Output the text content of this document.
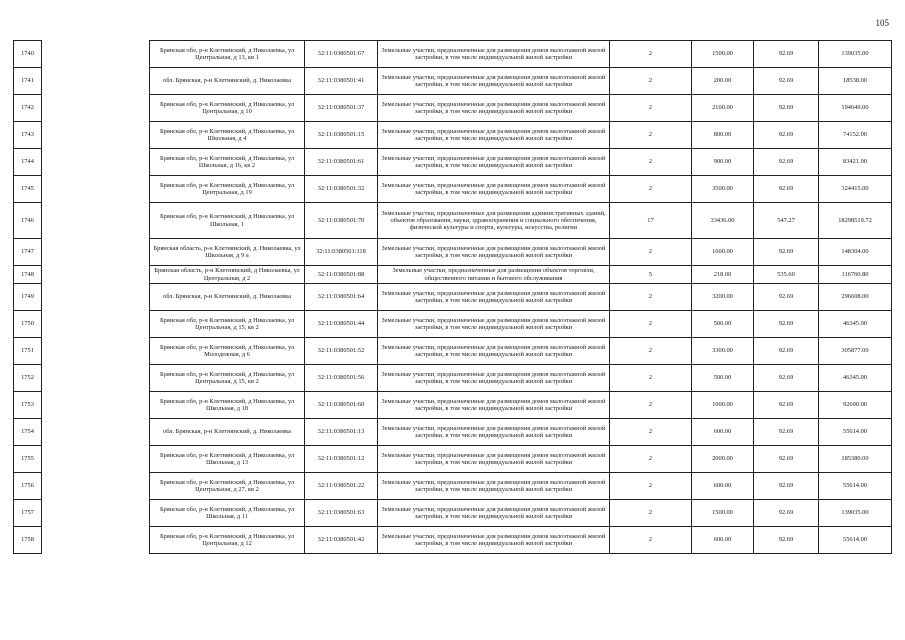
105
1740		Брянская обл, р-н Клетнянский, д Николаевка, ул Центральная, д 13, кв 1	32:11:0380501:67	Земельные участки, предназначенные для размещения домов малоэтажной жилой застройки, в том числе индивидуальной жилой застройки	2	1500.00	92.69	139035.00
1741		обл. Брянская, р-н Клетнянский, д. Николаевка	32:11:0380501:41	Земельные участки, предназначенные для размещения домов малоэтажной жилой застройки, в том числе индивидуальной жилой застройки	2	200.00	92.69	18538.00
1742		Брянская обл, р-н Клетнянский, д Николаевка, ул Центральная, д 10	32:11:0380501:37	Земельные участки, предназначенные для размещения домов малоэтажной жилой застройки, в том числе индивидуальной жилой застройки	2	2100.00	92.69	194649.00
1743		Брянская обл, р-н Клетнянский, д Николаевка, ул Школьная, д 4	32:11:0380501:15	Земельные участки, предназначенные для размещения домов малоэтажной жилой застройки, в том числе индивидуальной жилой застройки	2	800.00	92.69	74152.00
1744		Брянская обл, р-н Клетнянский, д Николаевка, ул Школьная, д 16, кв 2	32:11:0380501:61	Земельные участки, предназначенные для размещения домов малоэтажной жилой застройки, в том числе индивидуальной жилой застройки	2	900.00	92.69	83421.00
1745		Брянская обл, р-н Клетнянский, д Николаевка, ул Центральная, д 19	32:11:0380501:32	Земельные участки, предназначенные для размещения домов малоэтажной жилой застройки, в том числе индивидуальной жилой застройки	2	3500.00	92.69	324415.00
1746		Брянская обл, р-н Клетнянский, д Николаевка, ул Школьная, 1	32:11:0380501:70	Земельные участки, предназначенные для размещения административных зданий, объектов образования, науки, здравоохранения и социального обеспечения, физической культуры и спорта, культуры, искусства, религии	17	33436.00	547.27	18298519.72
1747		Брянская область, р-н Клетнянский, д. Николаевка, ул Школьная, д 9 а	32:11:0380501:118	Земельные участки, предназначенные для размещения домов малоэтажной жилой застройки, в том числе индивидуальной жилой застройки	2	1600.00	92.69	148304.00
1748		Брянская область, р-н Клетнянский, д Николаевка, ул Центральная, д 2	32:11:0380501:88	Земельные участки, предназначенные для размещения объектов торговли, общественного питания и бытового обслуживания	5	218.00	535.60	116760.80
1749		обл. Брянская, р-н Клетнянский, д. Николаевка	32:11:0380501:64	Земельные участки, предназначенные для размещения домов малоэтажной жилой застройки, в том числе индивидуальной жилой застройки	2	3200.00	92.69	296608.00
1750		Брянская обл, р-н Клетнянский, д Николаевка, ул Центральная, д 15, кв 2	32:11:0380501:44	Земельные участки, предназначенные для размещения домов малоэтажной жилой застройки, в том числе индивидуальной жилой застройки	2	500.00	92.69	46345.00
1751		Брянская обл, р-н Клетнянский, д Николаевка, ул Молодежная, д 6	32:11:0380501:52	Земельные участки, предназначенные для размещения домов малоэтажной жилой застройки, в том числе индивидуальной жилой застройки	2	3300.00	92.69	305877.00
1752		Брянская обл, р-н Клетнянский, д Николаевка, ул Центральная, д 15, кв 2	32:11:0380501:56	Земельные участки, предназначенные для размещения домов малоэтажной жилой застройки, в том числе индивидуальной жилой застройки	2	500.00	92.69	46345.00
1753		Брянская обл, р-н Клетнянский, д Николаевка, ул Школьная, д 18	32:11:0380501:60	Земельные участки, предназначенные для размещения домов малоэтажной жилой застройки, в том числе индивидуальной жилой застройки	2	1000.00	92.69	92690.00
1754		обл. Брянская, р-н Клетнянский, д. Николаевка	32:11:0380501:13	Земельные участки, предназначенные для размещения домов малоэтажной жилой застройки, в том числе индивидуальной жилой застройки	2	600.00	92.69	55614.00
1755		Брянская обл, р-н Клетнянский, д Николаевка, ул Школьная, д 13	32:11:0380501:12	Земельные участки, предназначенные для размещения домов малоэтажной жилой застройки, в том числе индивидуальной жилой застройки	2	2000.00	92.69	185380.00
1756		Брянская обл, р-н Клетнянский, д Николаевка, ул Центральная, д 27, кв 2	32:11:0380501:22	Земельные участки, предназначенные для размещения домов малоэтажной жилой застройки, в том числе индивидуальной жилой застройки	2	600.00	92.69	55614.00
1757		Брянская обл, р-н Клетнянский, д Николаевка, ул Школьная, д 11	32:11:0380501:63	Земельные участки, предназначенные для размещения домов малоэтажной жилой застройки, в том числе индивидуальной жилой застройки	2	1500.00	92.69	139035.00
1758		Брянская обл, р-н Клетнянский, д Николаевка, ул Центральная, д 12	32:11:0380501:42	Земельные участки, предназначенные для размещения домов малоэтажной жилой застройки, в том числе индивидуальной жилой застройки	2	600.00	92.69	55614.00
